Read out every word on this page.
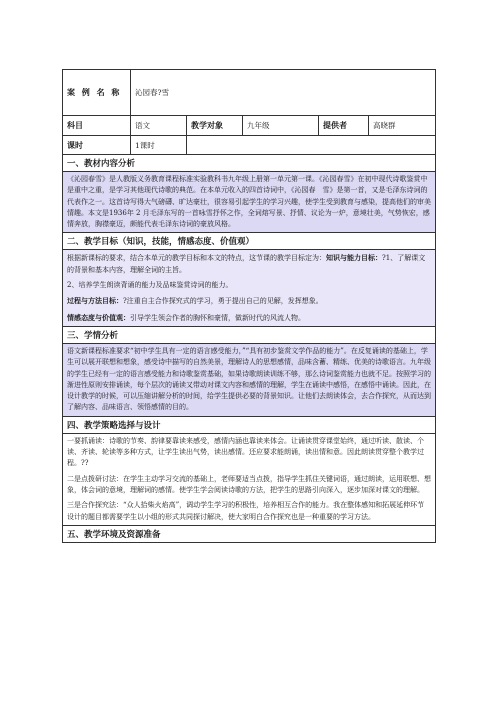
案 例 名 称	沁园春?雪
科目	语文	教学对象	九年级	提供者	高晓群
课时	1课时
一、教材内容分析

《沁园春雪》是人教版义务教育课程标准实验教科书九年级上册第一单元第一课。《沁园春雪》在初中现代诗歌鉴赏中是重中之重，是学习其他现代诗歌的典范。在本单元收入的四首诗词中，《沁园春　雪》是第一首，又是毛泽东诗词的代表作之一。这首诗写得大气磅礴、旷达豪壮，很容易引起学生的学习兴趣，使学生受到教育与感染，提高他们的审美情趣。本文是1936年 2 月毛泽东写的一首咏雪抒怀之作，全词熔写景、抒情、议论为一炉，意境壮美，气势恢宏，感情奔放，胸襟豪迈，颇能代表毛泽东诗词的豪放风格。

二、教学目标（知识，技能，情感态度、价值观）

根据新课标的要求，结合本单元的教学目标和本文的特点，这节课的教学目标定为：知识与能力目标：?1、了解课文的背景和基本内容，理解全词的主旨。

2、培养学生朗读背诵的能力及品味鉴赏诗词的能力。

过程与方法目标：?注重自主合作探究式的学习，勇于提出自己的见解，发挥想象。

情感态度与价值观：引导学生领会作者的胸怀和豪情，做新时代的风流人物。

三、学情分析

语文新课程标准要求“初中学生具有一定的语言感受能力，”“具有初步鉴赏文学作品的能力”。在反复诵读的基础上，学生可以展开联想和想象，感受诗中描写的自然美景，理解诗人的思想感情，品味含蓄、精练、优美的诗歌语言。九年级的学生已经有一定的语言感受能力和诗歌鉴赏基础，如果诗歌朗读训练不够，那么诗词鉴赏能力也就不足。按照学习的渐进性原则安排诵读，每个层次的诵读又带动对课文内容和感情的理解，学生在诵读中感悟，在感悟中诵读。因此，在设计教学的时候，可以压缩讲解分析的时间，给学生提供必要的背景知识。让他们去朗读体会，去合作探究，从而达到了解内容、品味语言、领悟感情的目的。

四、教学策略选择与设计

一要抓诵读：诗歌的节奏、韵律要靠读来感受，感情内涵也靠读来体会。让诵读贯穿课堂始终，通过听读、散读、个读、齐读、轮读等多种方式，让学生读出气势，读出感情。还应要求能朗诵，读出情和意。因此朗读贯穿整个教学过程。??

二是点拨研讨法：在学生主动学习交流的基础上，老师要适当点拨，指导学生抓住关键词语，通过朗读，运用联想、想象，体会词的意境，理解词的感情。使学生学会阅读诗歌的方法，把学生的思路引向深入，逐步加深对课文的理解。

三是合作探究法：“众人拾柴火焰高”，调动学生学习的积极性，培养相互合作的能力。我在整体感知和拓展延伸环节设计的题目都需要学生以小组的形式共同探讨解决，使大家明白合作探究也是一种重要的学习方法。

五、教学环境及资源准备
